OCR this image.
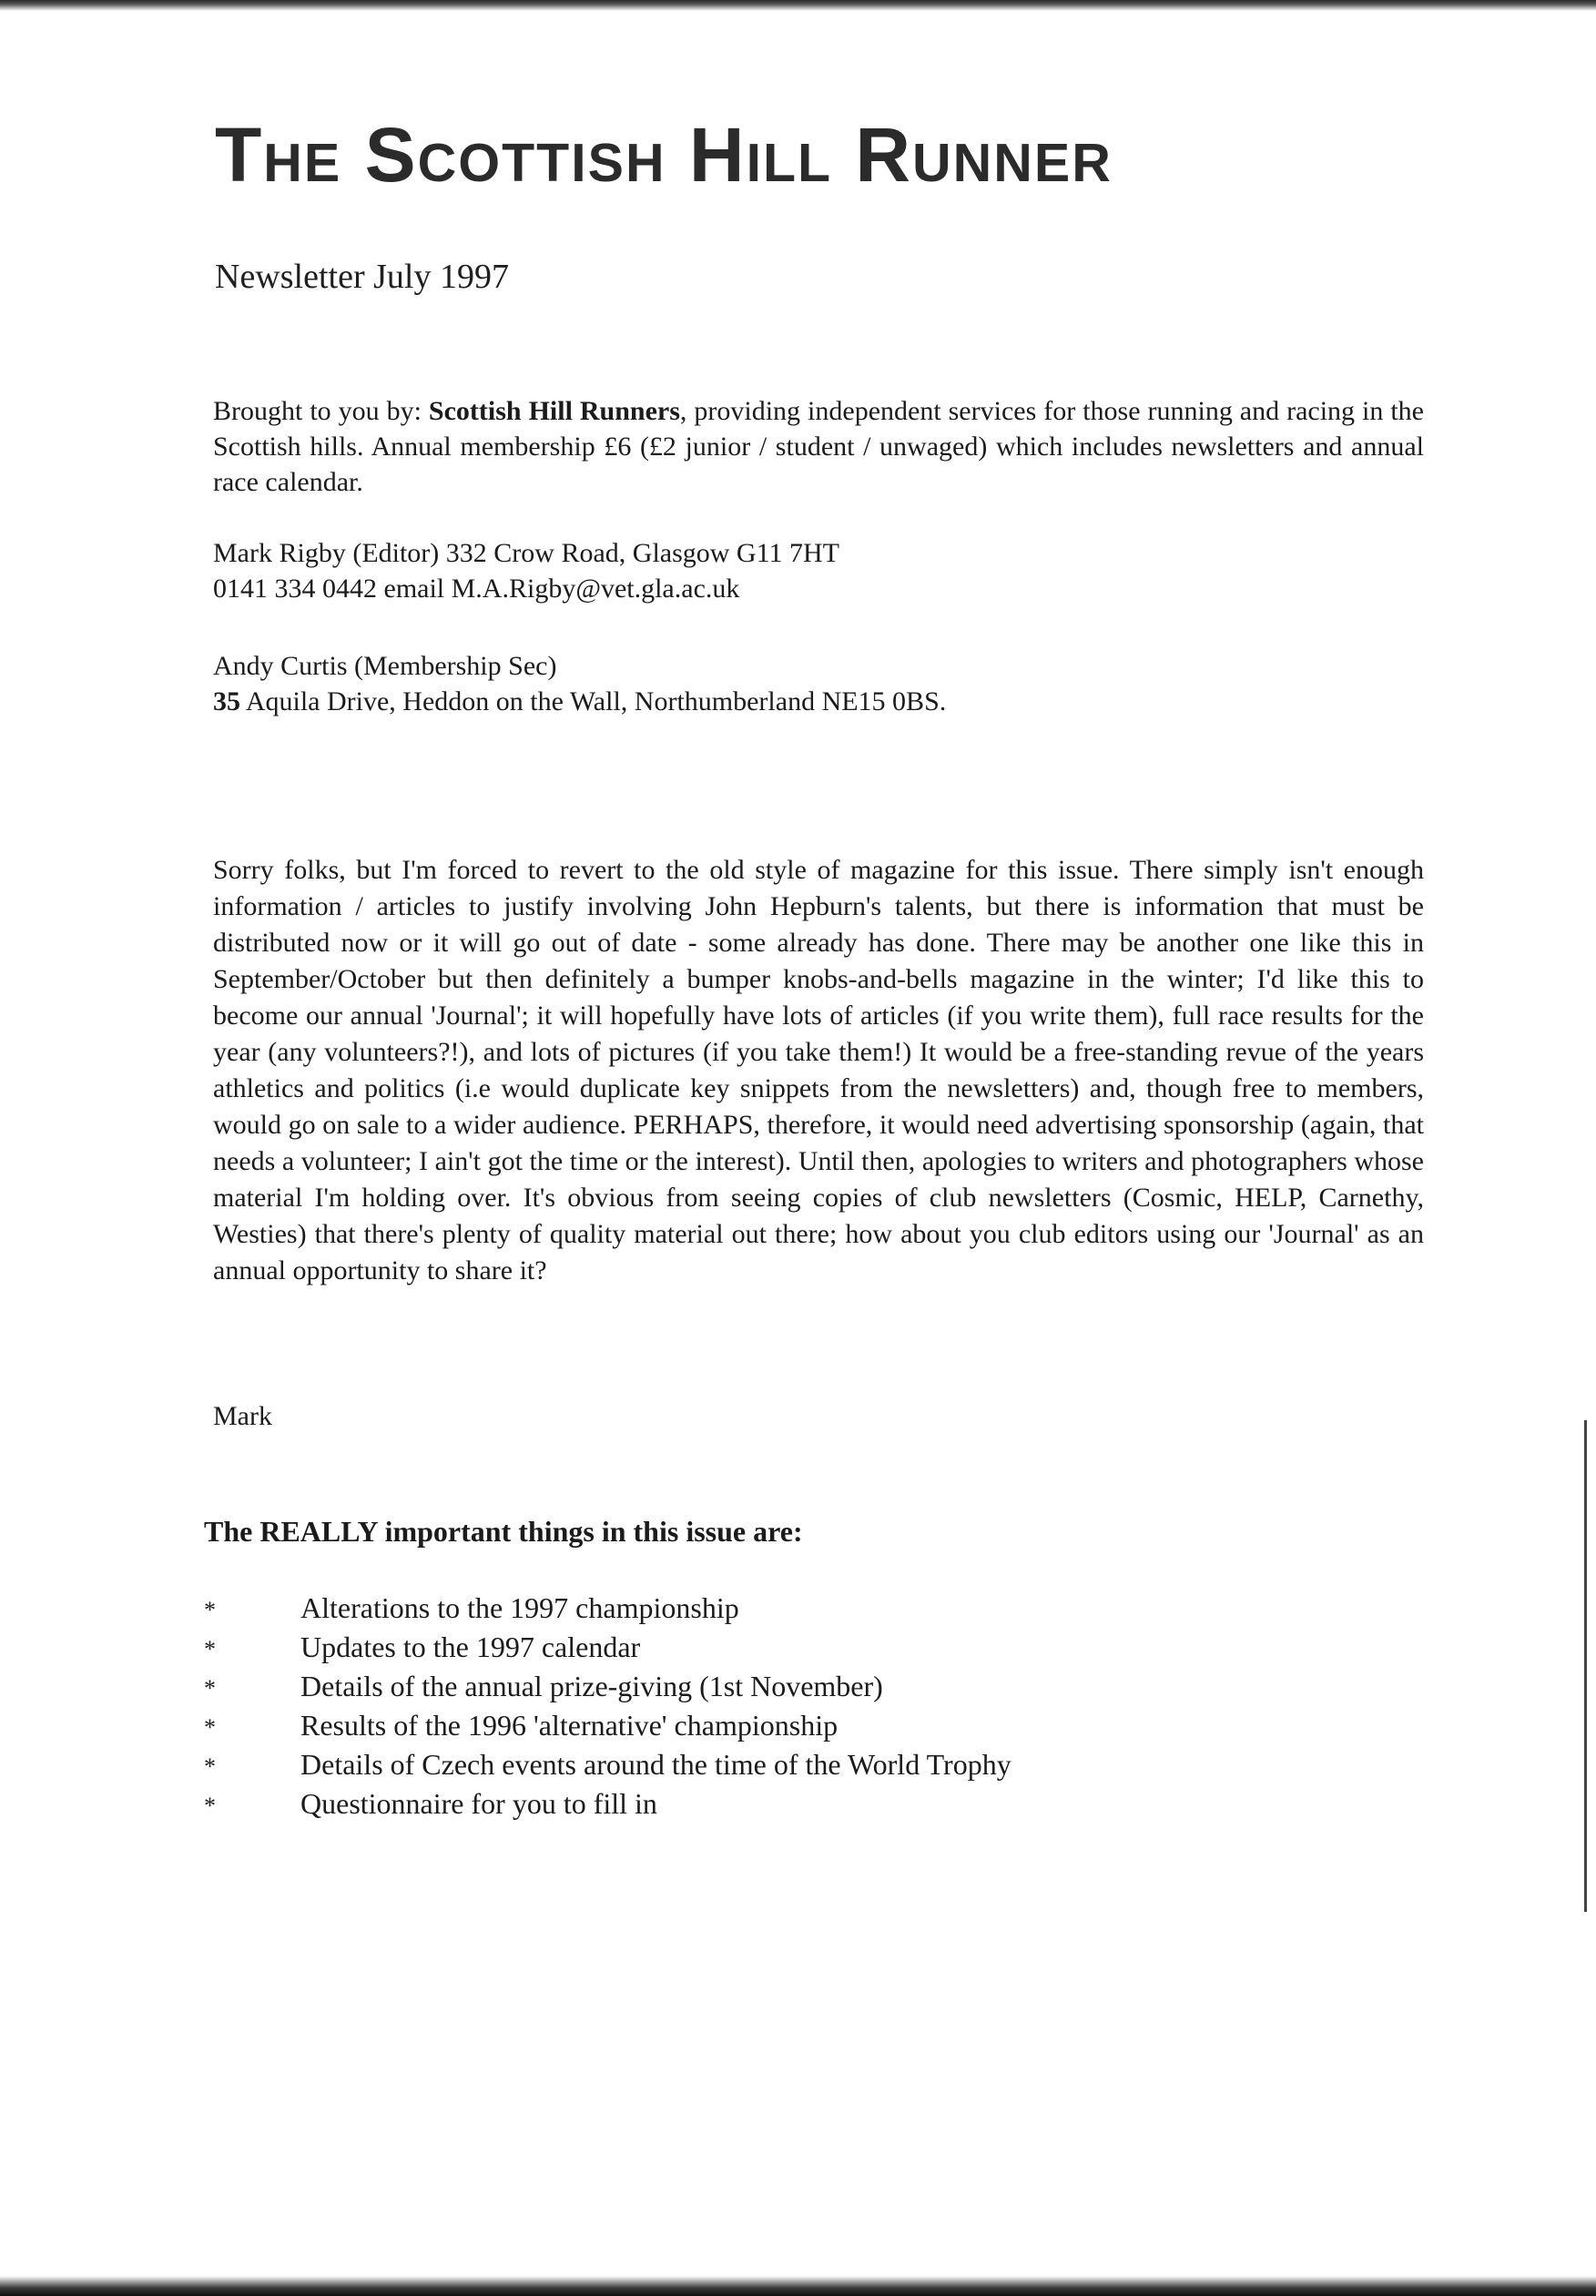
The Scottish Hill Runner
Newsletter July 1997

Brought to you by: Scottish Hill Runners, providing independent services for those running and racing in the Scottish hills. Annual membership £6 (£2 junior / student / unwaged) which includes newsletters and annual race calendar.

Mark Rigby (Editor) 332 Crow Road, Glasgow G11 7HT
0141 334 0442 email M.A.Rigby@vet.gla.ac.uk

Andy Curtis (Membership Sec)
35 Aquila Drive, Heddon on the Wall, Northumberland NE15 0BS.

Sorry folks, but I'm forced to revert to the old style of magazine for this issue. There simply isn't enough information / articles to justify involving John Hepburn's talents, but there is information that must be distributed now or it will go out of date - some already has done. There may be another one like this in September/October but then definitely a bumper knobs-and-bells magazine in the winter; I'd like this to become our annual 'Journal'; it will hopefully have lots of articles (if you write them), full race results for the year (any volunteers?!), and lots of pictures (if you take them!) It would be a free-standing revue of the years athletics and politics (i.e would duplicate key snippets from the newsletters) and, though free to members, would go on sale to a wider audience. PERHAPS, therefore, it would need advertising sponsorship (again, that needs a volunteer; I ain't got the time or the interest). Until then, apologies to writers and photographers whose material I'm holding over. It's obvious from seeing copies of club newsletters (Cosmic, HELP, Carnethy, Westies) that there's plenty of quality material out there; how about you club editors using our 'Journal' as an annual opportunity to share it?

Mark

The REALLY important things in this issue are:

*	Alterations to the 1997 championship
*	Updates to the 1997 calendar
*	Details of the annual prize-giving (1st November)
*	Results of the 1996 'alternative' championship
*	Details of Czech events around the time of the World Trophy
*	Questionnaire for you to fill in
